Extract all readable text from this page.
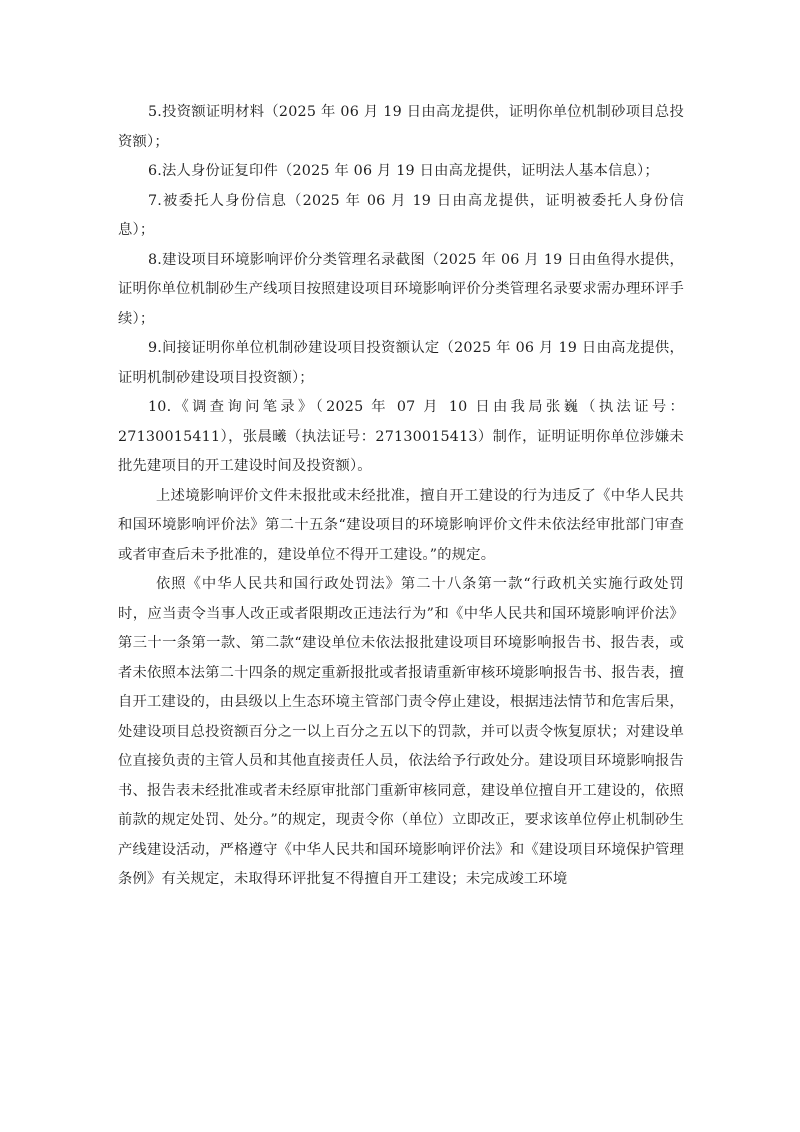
5.投资额证明材料（2025 年 06 月 19 日由高龙提供，证明你单位机制砂项目总投资额）；

6.法人身份证复印件（2025 年 06 月 19 日由高龙提供，证明法人基本信息）；

7.被委托人身份信息（2025 年 06 月 19 日由高龙提供，证明被委托人身份信息）；

8.建设项目环境影响评价分类管理名录截图（2025 年 06 月 19 日由鱼得水提供，证明你单位机制砂生产线项目按照建设项目环境影响评价分类管理名录要求需办理环评手续）；

9.间接证明你单位机制砂建设项目投资额认定（2025 年 06 月 19 日由高龙提供，证明机制砂建设项目投资额）；

10.《调查询问笔录》（2025 年 07 月 10 日由我局张巍（执法证号：27130015411），张晨曦（执法证号：27130015413）制作，证明证明你单位涉嫌未批先建项目的开工建设时间及投资额）。

上述境影响评价文件未报批或未经批准，擅自开工建设的行为违反了《中华人民共和国环境影响评价法》第二十五条“建设项目的环境影响评价文件未依法经审批部门审查或者审查后未予批准的，建设单位不得开工建设。”的规定。

依照《中华人民共和国行政处罚法》第二十八条第一款“行政机关实施行政处罚时，应当责令当事人改正或者限期改正违法行为”和《中华人民共和国环境影响评价法》第三十一条第一款、第二款“建设单位未依法报批建设项目环境影响报告书、报告表，或者未依照本法第二十四条的规定重新报批或者报请重新审核环境影响报告书、报告表，擅自开工建设的，由县级以上生态环境主管部门责令停止建设，根据违法情节和危害后果，处建设项目总投资额百分之一以上百分之五以下的罚款，并可以责令恢复原状；对建设单位直接负责的主管人员和其他直接责任人员，依法给予行政处分。建设项目环境影响报告书、报告表未经批准或者未经原审批部门重新审核同意，建设单位擅自开工建设的，依照前款的规定处罚、处分。”的规定，现责令你（单位）立即改正，要求该单位停止机制砂生产线建设活动，严格遵守《中华人民共和国环境影响评价法》和《建设项目环境保护管理条例》有关规定，未取得环评批复不得擅自开工建设；未完成竣工环境
